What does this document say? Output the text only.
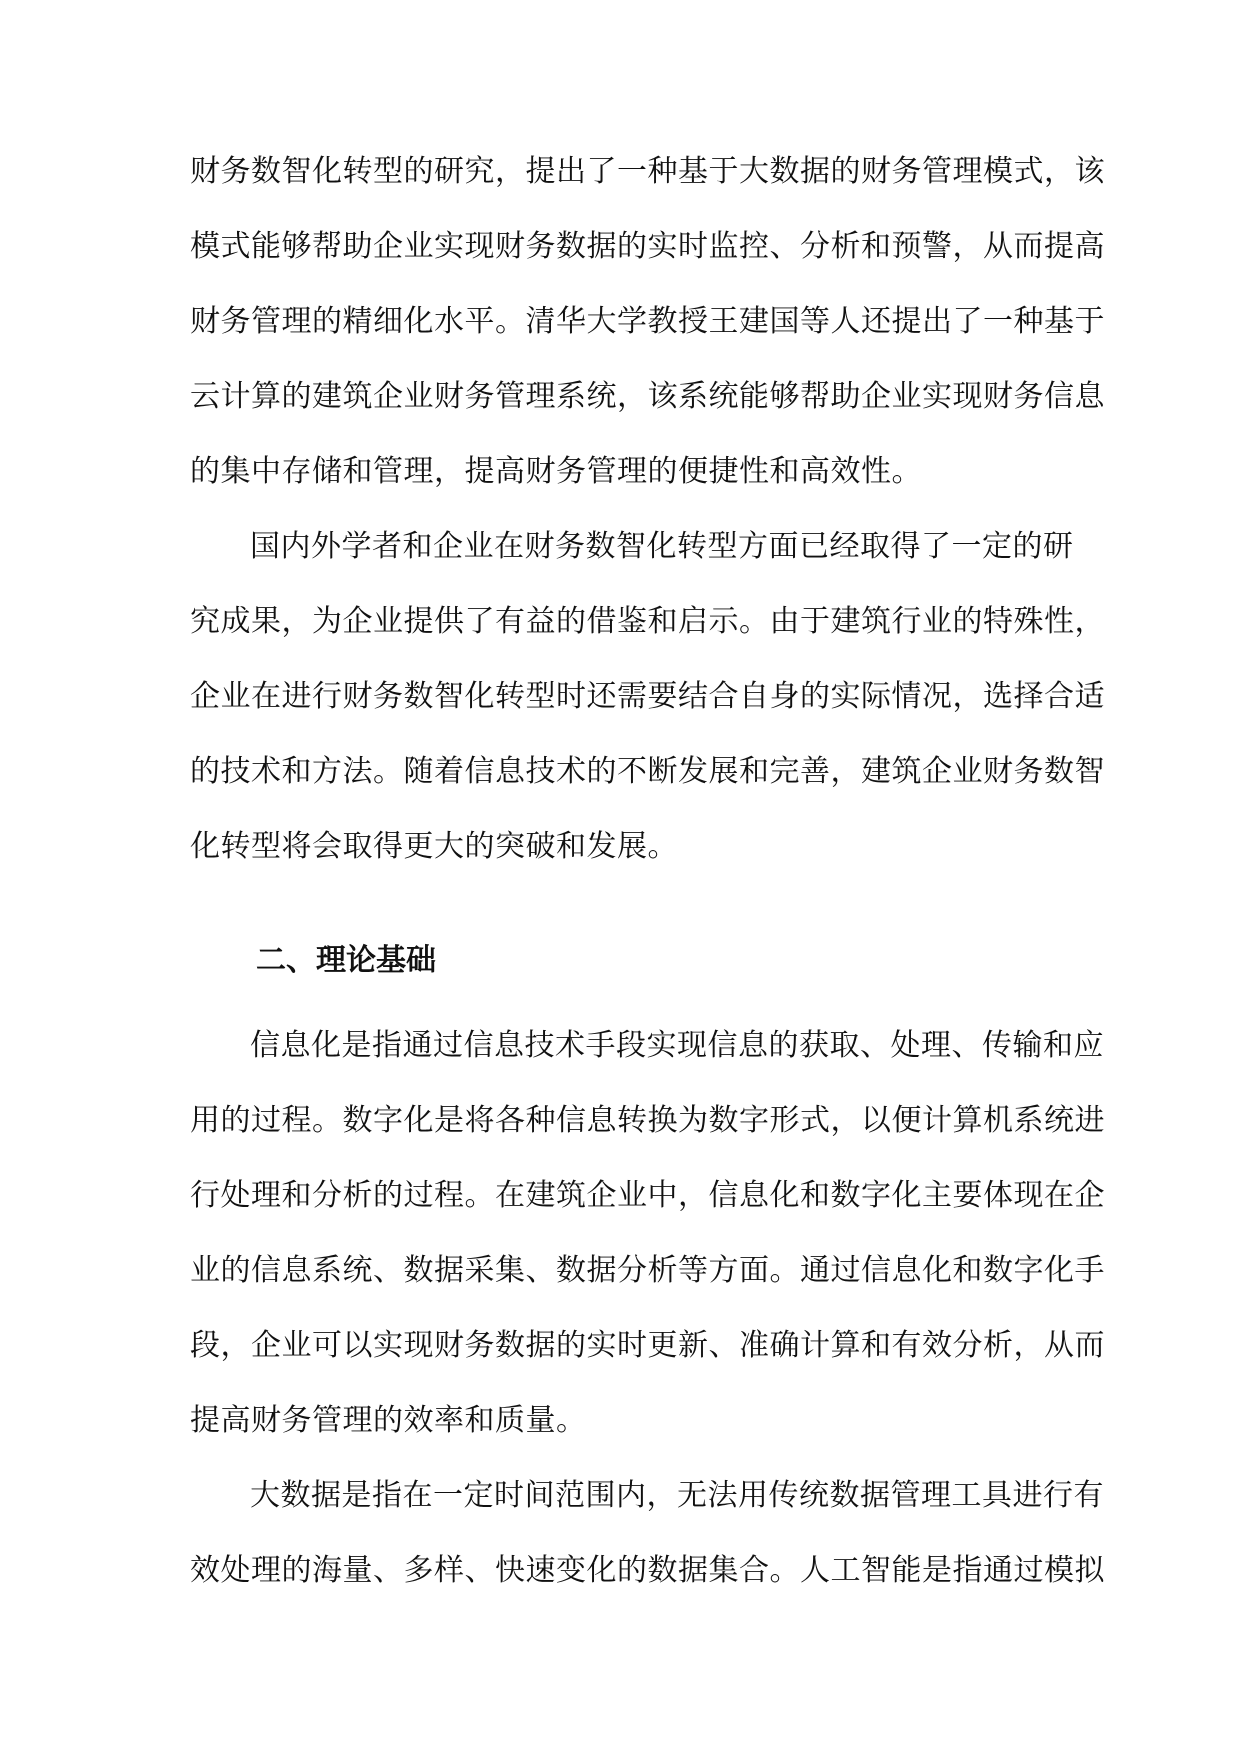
财务数智化转型的研究，提出了一种基于大数据的财务管理模式，该
模式能够帮助企业实现财务数据的实时监控、分析和预警，从而提高
财务管理的精细化水平。清华大学教授王建国等人还提出了一种基于
云计算的建筑企业财务管理系统，该系统能够帮助企业实现财务信息
的集中存储和管理，提高财务管理的便捷性和高效性。
国内外学者和企业在财务数智化转型方面已经取得了一定的研
究成果，为企业提供了有益的借鉴和启示。由于建筑行业的特殊性，
企业在进行财务数智化转型时还需要结合自身的实际情况，选择合适
的技术和方法。随着信息技术的不断发展和完善，建筑企业财务数智
化转型将会取得更大的突破和发展。
二、理论基础
信息化是指通过信息技术手段实现信息的获取、处理、传输和应
用的过程。数字化是将各种信息转换为数字形式，以便计算机系统进
行处理和分析的过程。在建筑企业中，信息化和数字化主要体现在企
业的信息系统、数据采集、数据分析等方面。通过信息化和数字化手
段，企业可以实现财务数据的实时更新、准确计算和有效分析，从而
提高财务管理的效率和质量。
大数据是指在一定时间范围内，无法用传统数据管理工具进行有
效处理的海量、多样、快速变化的数据集合。人工智能是指通过模拟
